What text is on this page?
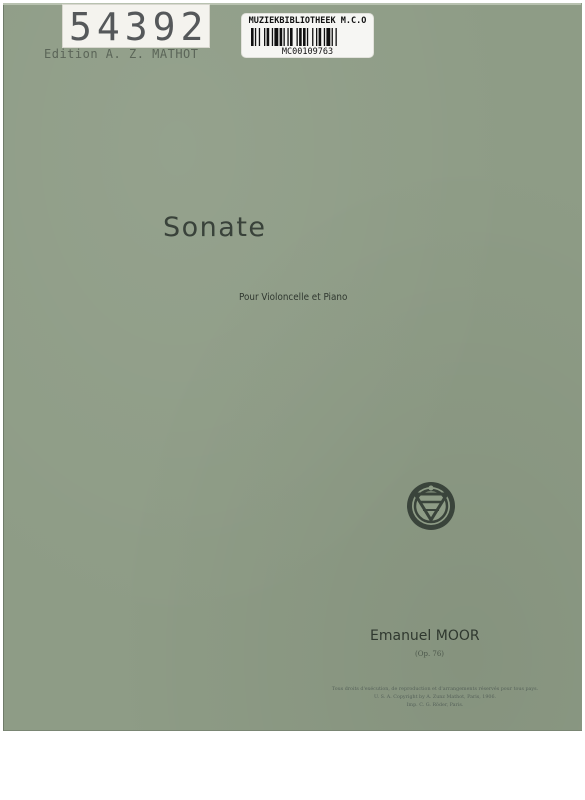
54392
Edition A. Z. MATHOT
MUZIEKBIBLIOTHEEK M.C.O
MC00109763
Sonate
Pour Violoncelle et Piano
Emanuel MOOR
(Op. 76)
Tous droits d'exécution, de reproduction et d'arrangements réservés pour tous pays.
U. S. A. Copyright by A. Zunz Mathot, Paris, 1906.
Imp. C. G. Röder, Paris.
